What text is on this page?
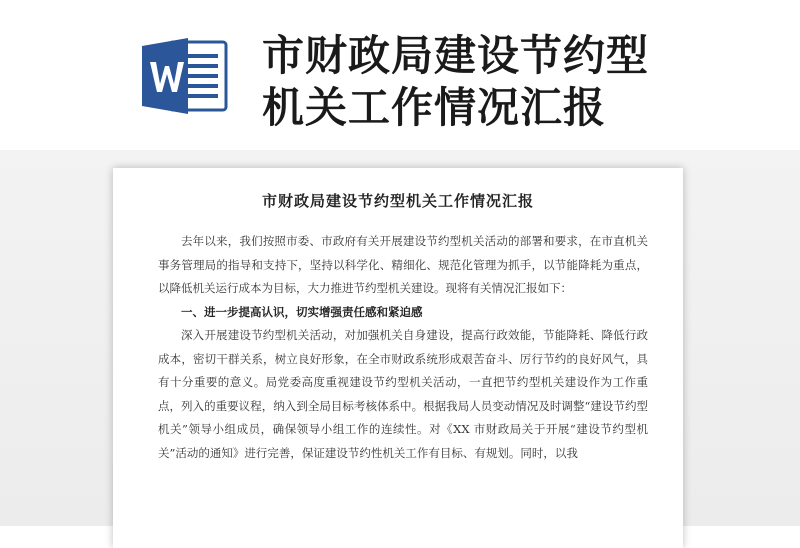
市财政局建设节约型
机关工作情况汇报
市财政局建设节约型机关工作情况汇报

去年以来，我们按照市委、市政府有关开展建设节约型机关活动的部署和要求，在市直机关事务管理局的指导和支持下，坚持以科学化、精细化、规范化管理为抓手，以节能降耗为重点，以降低机关运行成本为目标，大力推进节约型机关建设。现将有关情况汇报如下：

一、进一步提高认识，切实增强责任感和紧迫感

深入开展建设节约型机关活动，对加强机关自身建设，提高行政效能，节能降耗、降低行政成本，密切干群关系，树立良好形象，在全市财政系统形成艰苦奋斗、厉行节约的良好风气，具有十分重要的意义。局党委高度重视建设节约型机关活动，一直把节约型机关建设作为工作重点，列入的重要议程，纳入到全局目标考核体系中。根据我局人员变动情况及时调整“建设节约型机关”领导小组成员，确保领导小组工作的连续性。对《XX 市财政局关于开展“建设节约型机关”活动的通知》进行完善，保证建设节约性机关工作有目标、有规划。同时，以我
